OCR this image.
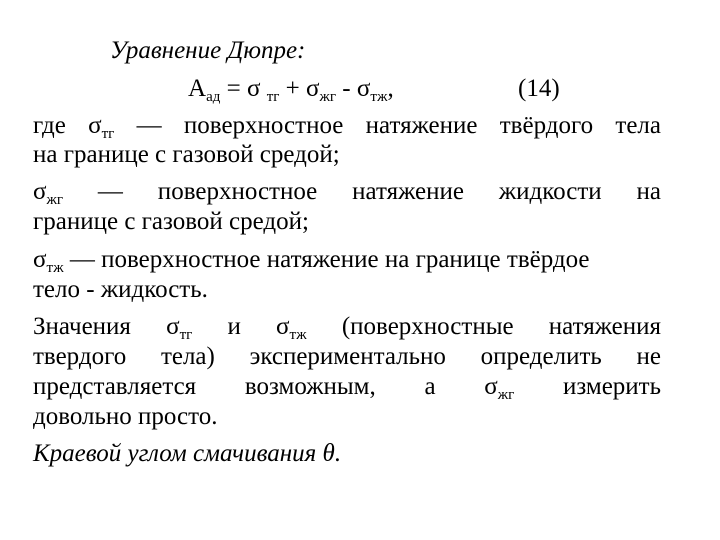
Уравнение Дюпре:
$A_{ад} = \sigma$ $_{тг} + \sigma_{жг} - \sigma_{тж}$,	(14)
где $\sigma_{тг}$ — поверхностное натяжение твёрдого тела
на границе с газовой средой;
$\sigma_{жг}$ — поверхностное натяжение жидкости на
границе с газовой средой;
$\sigma_{тж}$ — поверхностное натяжение на границе твёрдое
тело - жидкость.
Значения $\sigma_{тг}$ и $\sigma_{тж}$ (поверхностные натяжения
твердого тела) экспериментально определить не
представляется возможным, а $\sigma_{жг}$ измерить
довольно просто.
Краевой углом смачивания θ.
